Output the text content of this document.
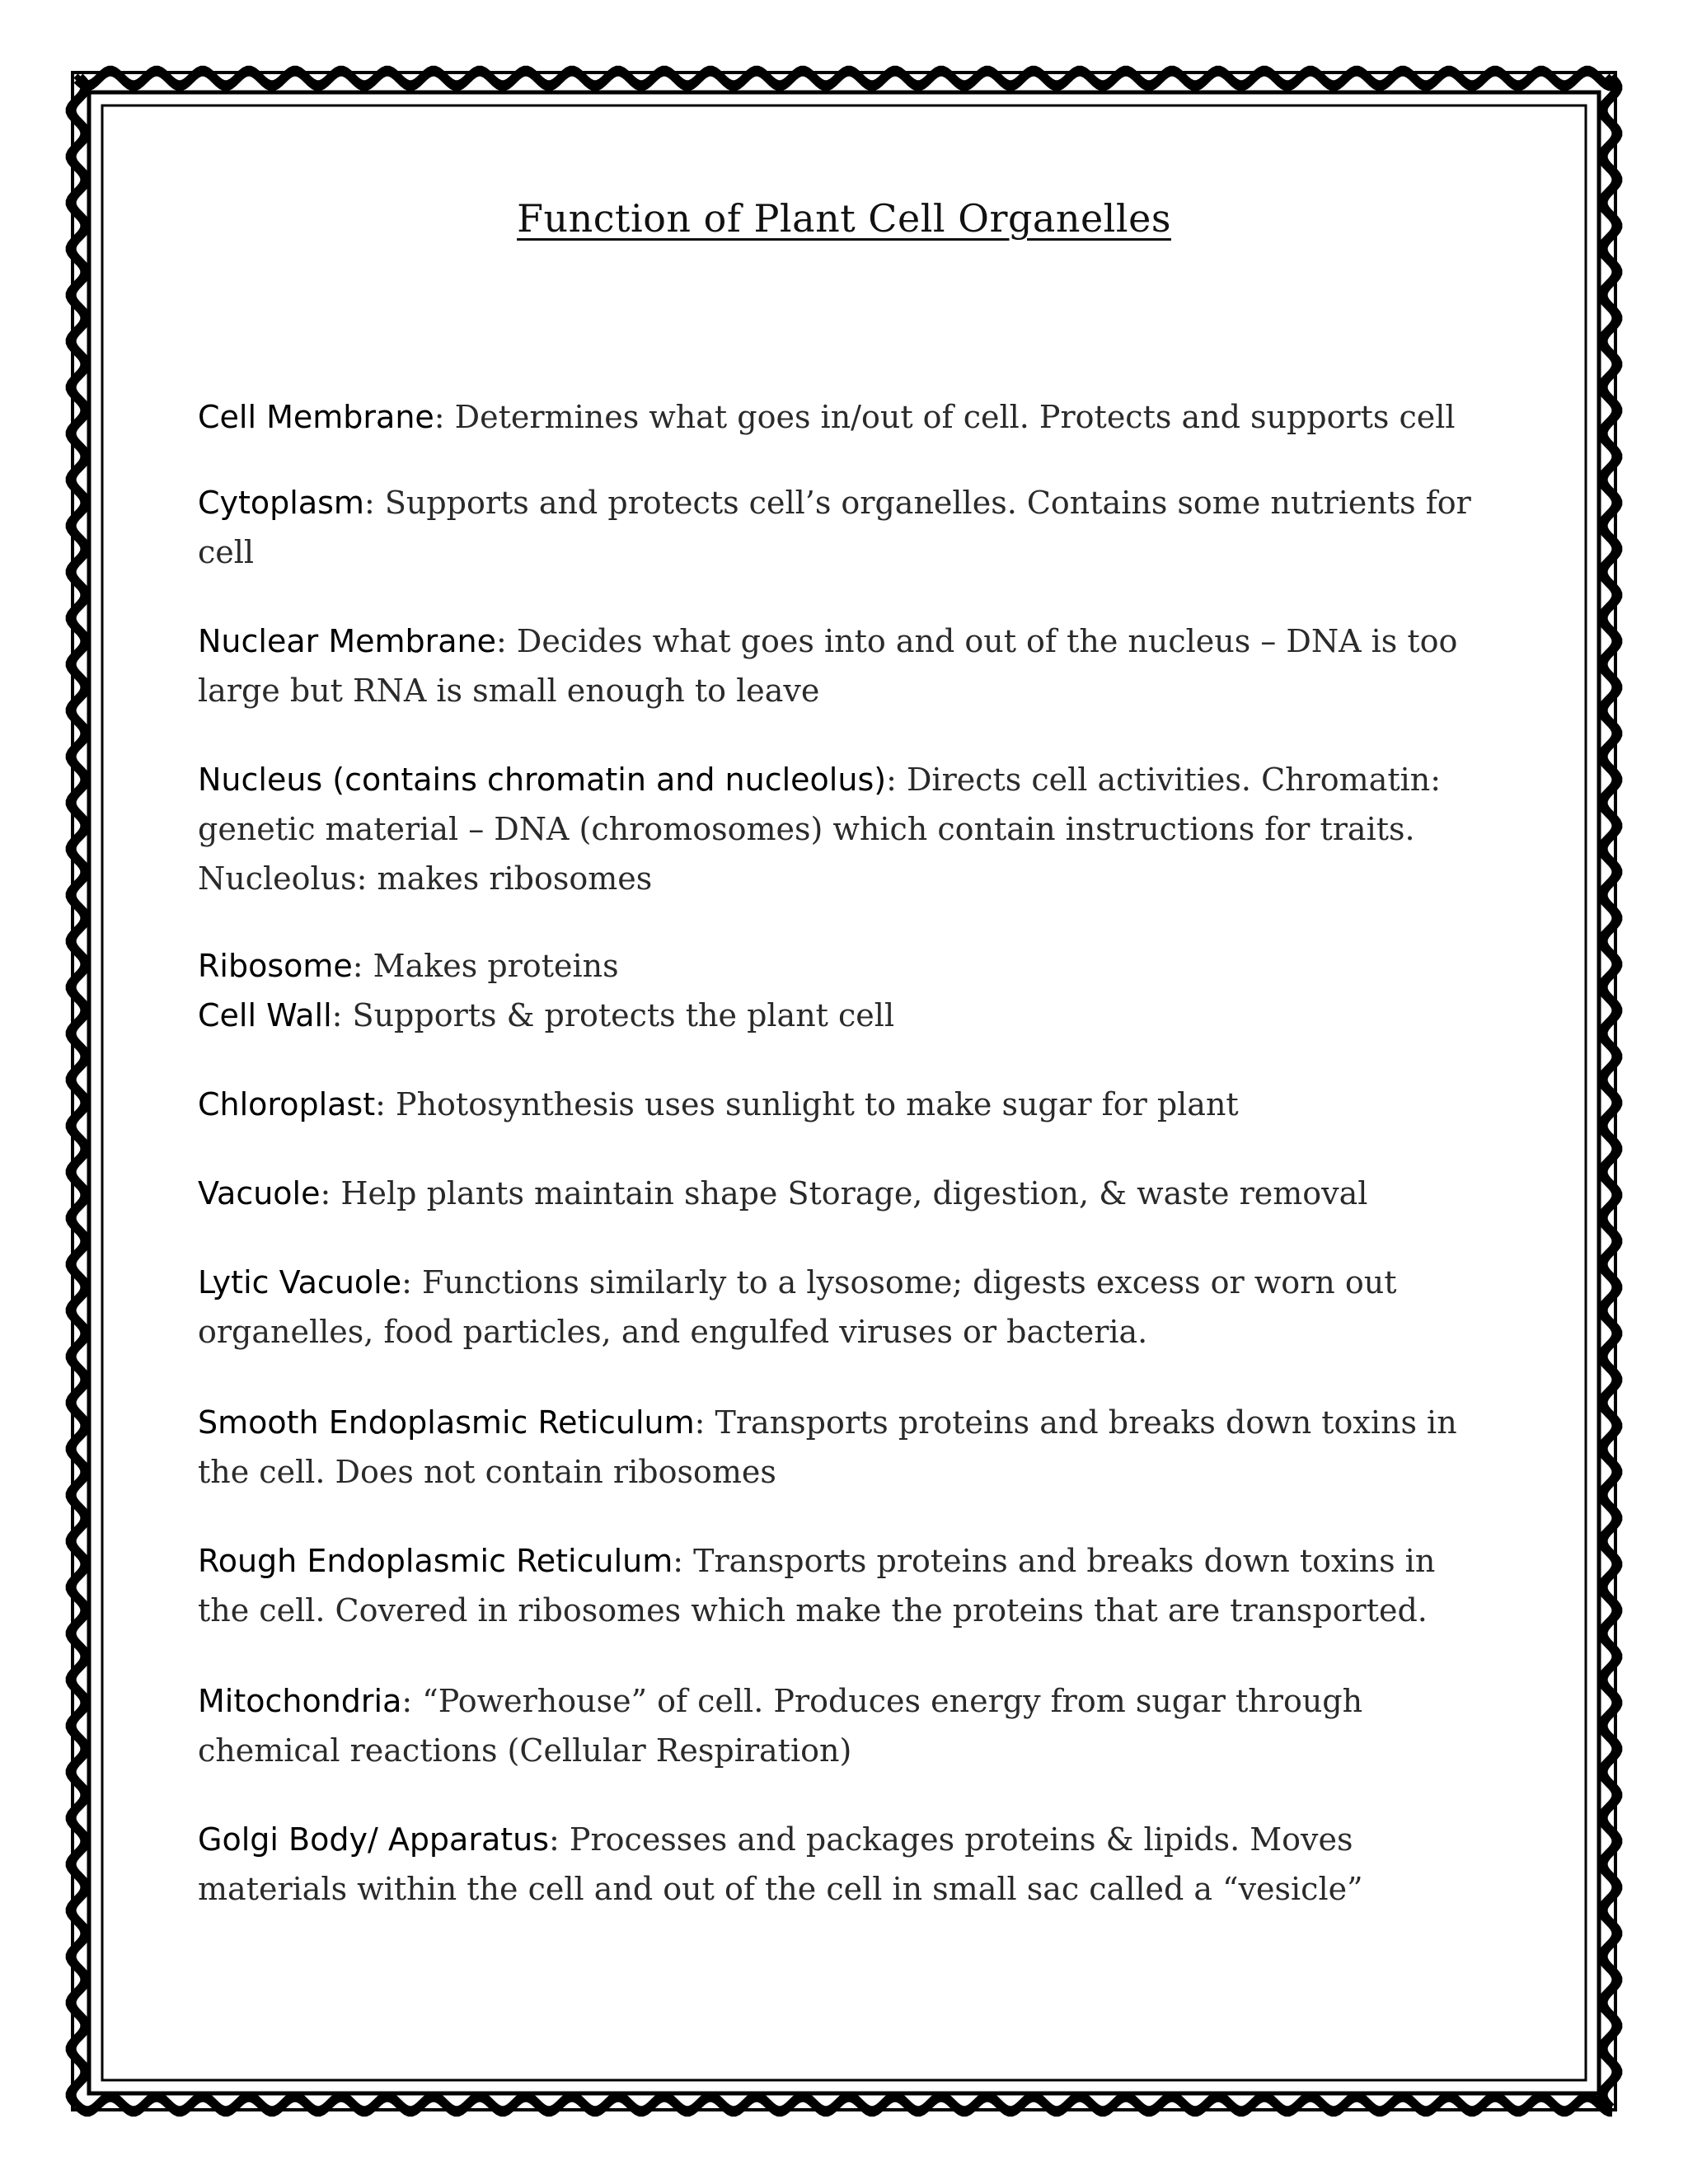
Function of Plant Cell Organelles
Cell Membrane: Determines what goes in/out of cell. Protects and supports cell
Cytoplasm: Supports and protects cell’s organelles. Contains some nutrients for cell
Nuclear Membrane: Decides what goes into and out of the nucleus – DNA is too large but RNA is small enough to leave
Nucleus (contains chromatin and nucleolus): Directs cell activities. Chromatin: genetic material – DNA (chromosomes) which contain instructions for traits. Nucleolus: makes ribosomes
Ribosome: Makes proteins
Cell Wall: Supports & protects the plant cell
Chloroplast: Photosynthesis uses sunlight to make sugar for plant
Vacuole: Help plants maintain shape Storage, digestion, & waste removal
Lytic Vacuole: Functions similarly to a lysosome; digests excess or worn out organelles, food particles, and engulfed viruses or bacteria.
Smooth Endoplasmic Reticulum: Transports proteins and breaks down toxins in the cell. Does not contain ribosomes
Rough Endoplasmic Reticulum: Transports proteins and breaks down toxins in the cell. Covered in ribosomes which make the proteins that are transported.
Mitochondria: “Powerhouse” of cell. Produces energy from sugar through chemical reactions (Cellular Respiration)
Golgi Body/ Apparatus: Processes and packages proteins & lipids. Moves materials within the cell and out of the cell in small sac called a “vesicle”
